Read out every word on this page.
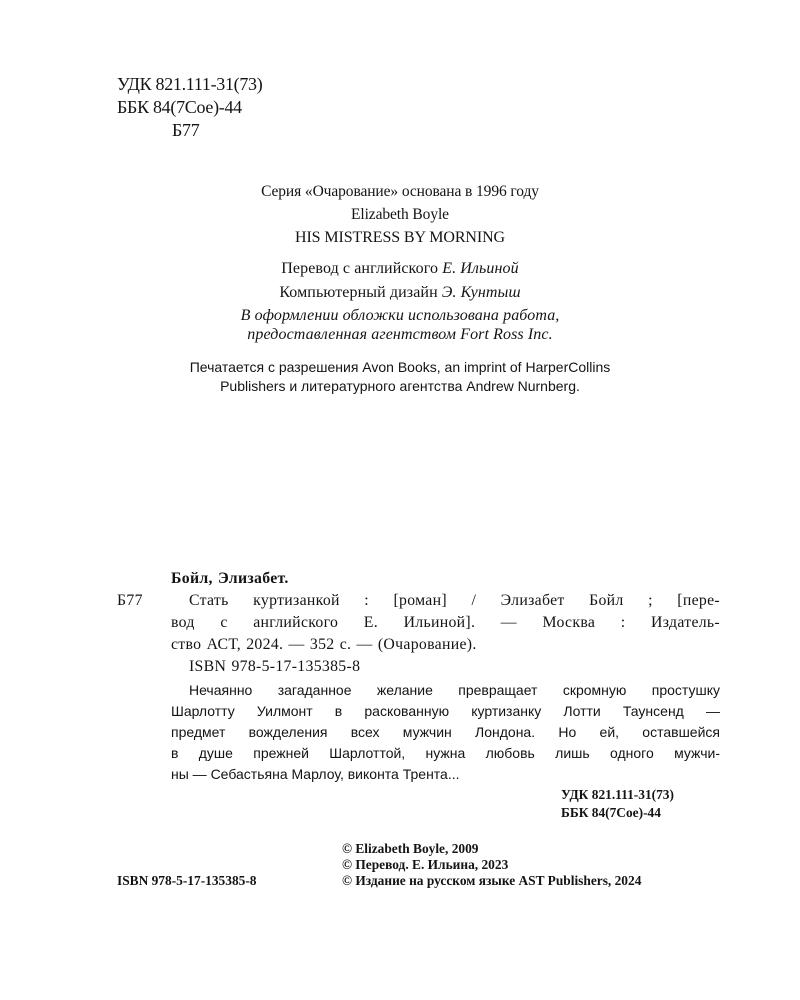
УДК 821.111-31(73)
ББК 84(7Сое)-44
Б77
Серия «Очарование» основана в 1996 году
Elizabeth Boyle
HIS MISTRESS BY MORNING
Перевод с английского Е. Ильиной
Компьютерный дизайн Э. Кунтыш
В оформлении обложки использована работа,
предоставленная агентством Fort Ross Inc.
Печатается с разрешения Avon Books, an imprint of HarperCollins
Publishers и литературного агентства Andrew Nurnberg.
Бойл, Элизабет.
Б77	Стать куртизанкой : [роман] / Элизабет Бойл ; [пере-
вод с английского Е. Ильиной]. — Москва : Издатель-
ство АСТ, 2024. — 352 с. — (Очарование).
ISBN 978-5-17-135385-8
Нечаянно загаданное желание превращает скромную простушку
Шарлотту Уилмонт в раскованную куртизанку Лотти Таунсенд —
предмет вожделения всех мужчин Лондона. Но ей, оставшейся
в душе прежней Шарлоттой, нужна любовь лишь одного мужчи-
ны — Себастьяна Марлоу, виконта Трента...
УДК 821.111-31(73)
ББК 84(7Сое)-44
© Elizabeth Boyle, 2009
© Перевод. Е. Ильина, 2023
© Издание на русском языке AST Publishers, 2024
ISBN 978-5-17-135385-8
